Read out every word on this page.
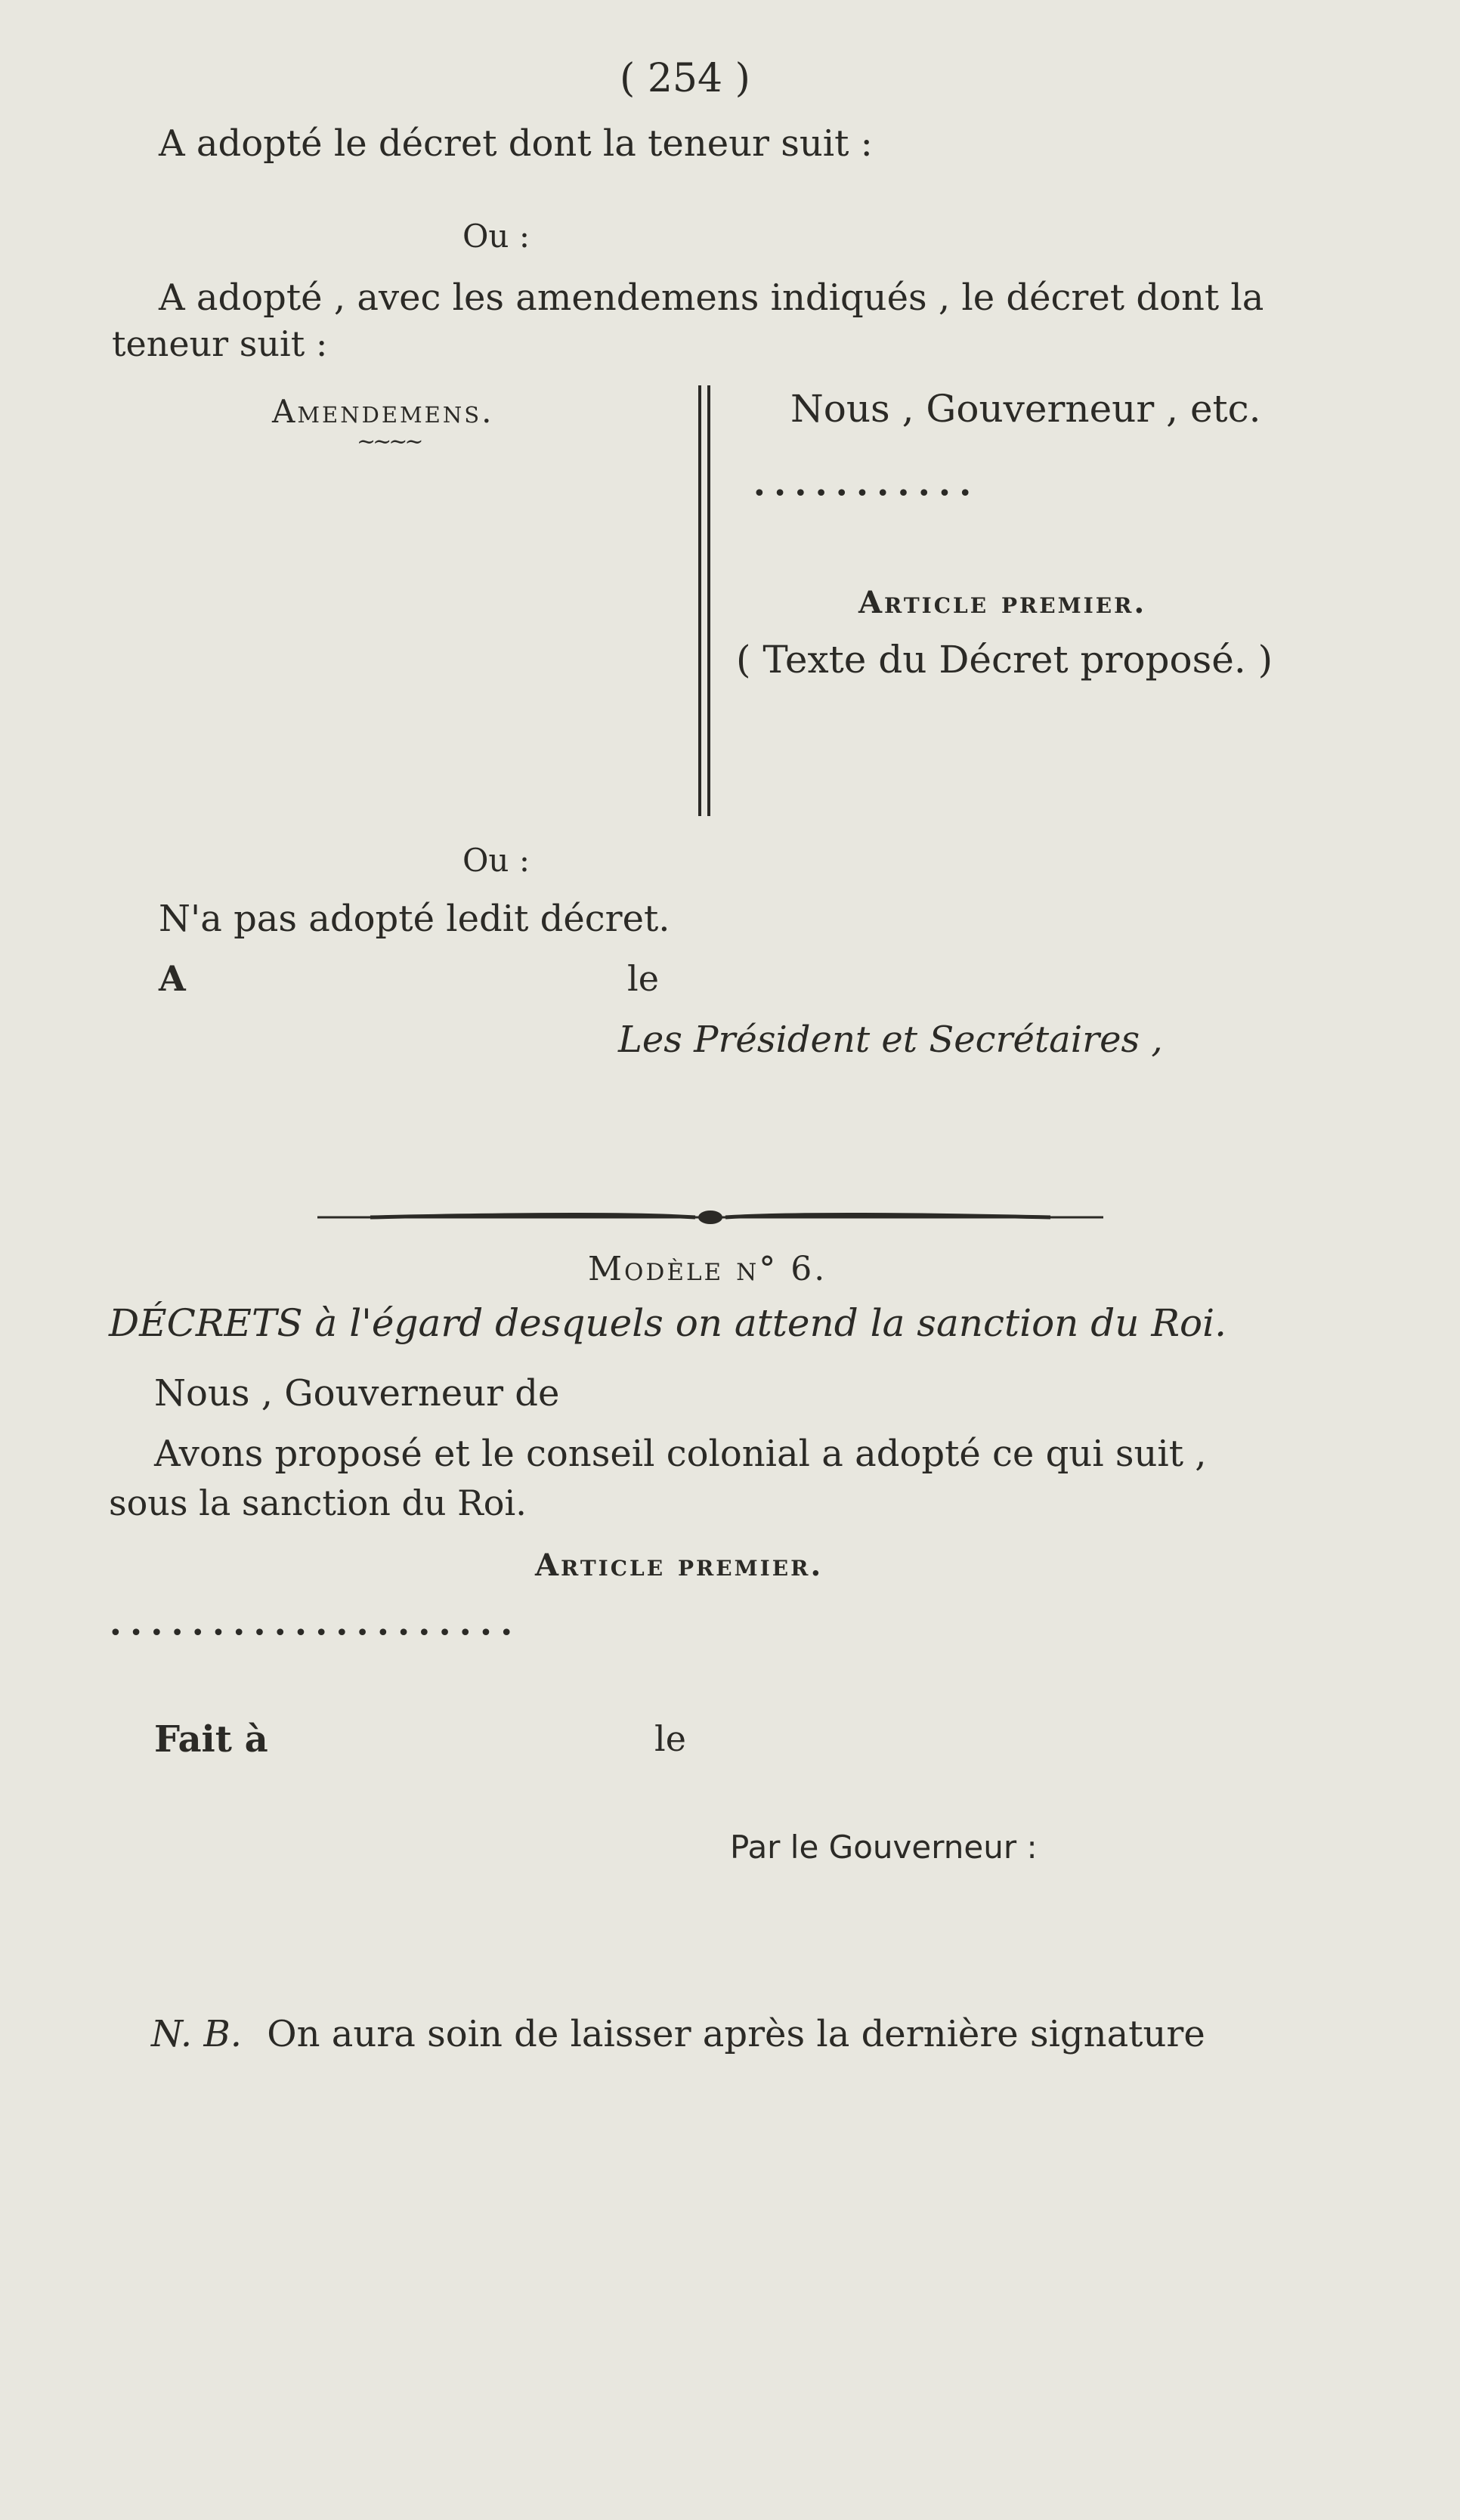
( 254 )
A adopté le décret dont la teneur suit :
Ou :
A adopté , avec les amendemens indiqués , le décret dont la
teneur suit :
Amendemens.
~~~~
Nous , Gouverneur , etc.
• • • • • • • • • • •
Article premier.
( Texte du Décret proposé. )
Ou :
N'a pas adopté ledit décret.
A	le
Les Président et Secrétaires ,
Modèle n° 6.
DÉCRETS à l'égard desquels on attend la sanction du Roi.
Nous , Gouverneur de
Avons proposé et le conseil colonial a adopté ce qui suit ,
sous la sanction du Roi.
Article premier.
• • • • • • • • • • • • • • • • • • • •
Fait à	le
Par le Gouverneur :
N. B. On aura soin de laisser après la dernière signature
